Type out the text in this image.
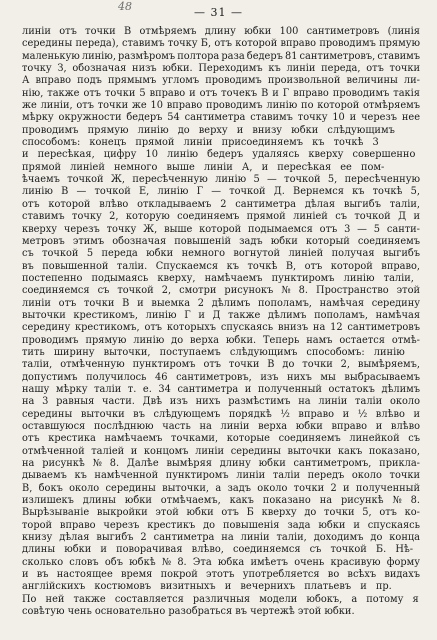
48	— 31 —
линiи отъ точки В отмѣряемъ длину юбки 100 сантиметровъ (линiя
середины переда), ставимъ точку Б, отъ которой вправо проводимъ прямую
маленькую линiю, размѣромъ полтора раза бедеръ 81 сантиметровъ, ставимъ
точку З, обозначая низъ юбки. Переходимъ къ линiи переда, отъ точки
А вправо подъ прямымъ угломъ проводимъ произвольной величины ли-
нiю, также отъ точки 5 вправо и отъ точекъ В и Г вправо проводимъ такiя
же линiи, отъ точки же 10 вправо проводимъ линiю по которой отмѣряемъ
мѣрку окружности бедеръ 54 сантиметра ставимъ точку 10 и черезъ нее
проводимъ прямую линiю до верху и внизу юбки слѣдующимъ
способомъ: конецъ прямой линiи присоединяемъ къ точкѣ 3
и пересѣкая, цифру 10 линiю бедеръ удаляясь кверху совершенно
прямой линiей немного выше линiи А, и пересѣкая ее пом-
ѣчаемъ точкой Ж, пересѣченную линiю 5 — точкой 5, пересѣченную
линiю В — точкой Е, линiю Г — точкой Д. Вернемся къ точкѣ 5,
отъ которой влѣво откладываемъ 2 сантиметра дѣлая выгибъ талiи,
ставимъ точку 2, которую соединяемъ прямой линiей съ точкой Д и
кверху черезъ точку Ж, выше которой подымаемся отъ 3 — 5 санти-
метровъ этимъ обозначая повышенiй задъ юбки который соединяемъ
съ точкой 5 переда юбки немного вогнутой линiей получая выгибъ
въ повышенной талiи. Спускаемся къ точкѣ В, отъ которой вправо,
постепенно подымаясь кверху, намѣчаемъ пунктиромъ линiю талiи,
соединяемся съ точкой 2, смотри рисунокъ № 8. Пространство этой
линiи отъ точки В и выемка 2 дѣлимъ пополамъ, намѣчая середину
выточки крестикомъ, линiю Г и Д также дѣлимъ пополамъ, намѣчая
середину крестикомъ, отъ которыхъ спускаясь внизъ на 12 сантиметровъ
проводимъ прямую линiю до верха юбки. Теперь намъ остается отмѣ-
тить ширину выточки, поступаемъ слѣдующимъ способомъ: линiю
талiи, отмѣченную пунктиромъ отъ точки В до точки 2, вымѣряемъ,
допустимъ получилось 46 сантиметровъ, изъ нихъ мы выбрасываемъ
нашу мѣрку талiи т. е. 34 сантиметра и полученный остатокъ дѣлимъ
на 3 равныя части. Двѣ изъ нихъ размѣстимъ на линiи талiи около
середины выточки въ слѣдующемъ порядкѣ ½ вправо и ½ влѣво и
оставшуюся послѣднюю часть на линiи верха юбки вправо и влѣво
отъ крестика намѣчаемъ точками, которые соединяемъ линейкой съ
отмѣченной талiей и концомъ линiи середины выточки какъ показано,
на рисункѣ № 8. Далѣе вымѣряя длину юбки сантиметромъ, прикла-
дываемъ къ намѣченной пунктиромъ линiи талiи передъ около точки
В, бокъ около середины выточки, а задъ около точки 2 и полученный
излишекъ длины юбки отмѣчаемъ, какъ показано на рисункѣ № 8.
Вырѣзываніе выкройки этой юбки отъ Б кверху до точки 5, отъ ко-
торой вправо черезъ крестикъ до повышенiя зада юбки и спускаясь
книзу дѣлая выгибъ 2 сантиметра на линiи талiи, доходимъ до конца
длины юбки и поворачивая влѣво, соединяемся съ точкой Б. Нѣ-
сколько словъ объ юбкѣ № 8. Эта юбка имѣетъ очень красивую форму
и въ настоящее время покрой этотъ употребляется во всѣхъ видахъ
англiйскихъ костюмовъ визитныхъ и вечернихъ платьевъ и пр.
По ней также составляется различныя модели юбокъ, а потому я
совѣтую чень основательно разобраться въ чертежѣ этой юбки.
